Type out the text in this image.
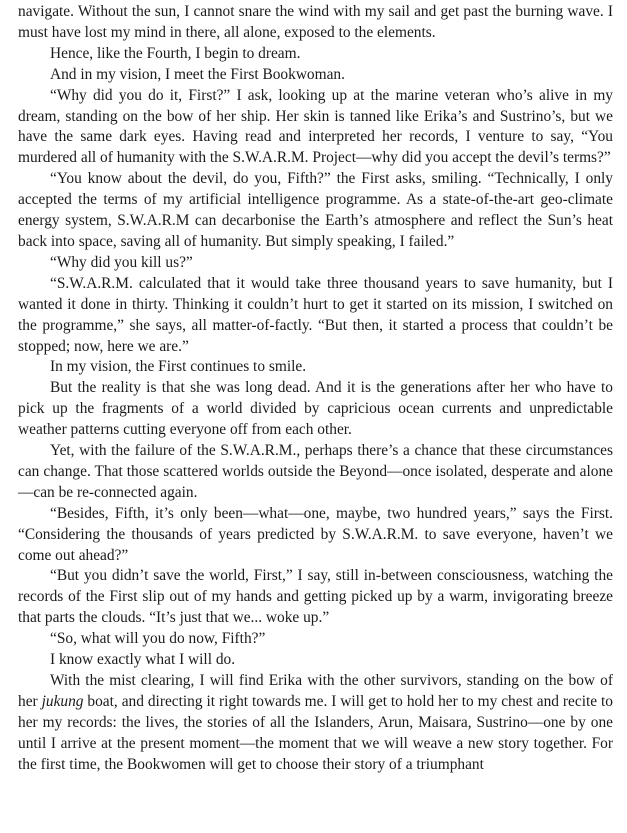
navigate. Without the sun, I cannot snare the wind with my sail and get past the burning wave. I must have lost my mind in there, all alone, exposed to the elements.

Hence, like the Fourth, I begin to dream.

And in my vision, I meet the First Bookwoman.

“Why did you do it, First?” I ask, looking up at the marine veteran who’s alive in my dream, standing on the bow of her ship. Her skin is tanned like Erika’s and Sustrino’s, but we have the same dark eyes. Having read and interpreted her records, I venture to say, “You murdered all of humanity with the S.W.A.R.M. Project—why did you accept the devil’s terms?”

“You know about the devil, do you, Fifth?” the First asks, smiling. “Technically, I only accepted the terms of my artificial intelligence programme. As a state-of-the-art geo-climate energy system, S.W.A.R.M can decarbonise the Earth’s atmosphere and reflect the Sun’s heat back into space, saving all of humanity. But simply speaking, I failed.”

“Why did you kill us?”

“S.W.A.R.M. calculated that it would take three thousand years to save humanity, but I wanted it done in thirty. Thinking it couldn’t hurt to get it started on its mission, I switched on the programme,” she says, all matter-of-factly. “But then, it started a process that couldn’t be stopped; now, here we are.”

In my vision, the First continues to smile.

But the reality is that she was long dead. And it is the generations after her who have to pick up the fragments of a world divided by capricious ocean currents and unpredictable weather patterns cutting everyone off from each other.

Yet, with the failure of the S.W.A.R.M., perhaps there’s a chance that these circumstances can change. That those scattered worlds outside the Beyond—once isolated, desperate and alone—can be re-connected again.

“Besides, Fifth, it’s only been—what—one, maybe, two hundred years,” says the First. “Considering the thousands of years predicted by S.W.A.R.M. to save everyone, haven’t we come out ahead?”

“But you didn’t save the world, First,” I say, still in-between consciousness, watching the records of the First slip out of my hands and getting picked up by a warm, invigorating breeze that parts the clouds. “It’s just that we... woke up.”

“So, what will you do now, Fifth?”

I know exactly what I will do.

With the mist clearing, I will find Erika with the other survivors, standing on the bow of her jukung boat, and directing it right towards me. I will get to hold her to my chest and recite to her my records: the lives, the stories of all the Islanders, Arun, Maisara, Sustrino—one by one until I arrive at the present moment—the moment that we will weave a new story together. For the first time, the Bookwomen will get to choose their story of a triumphant
